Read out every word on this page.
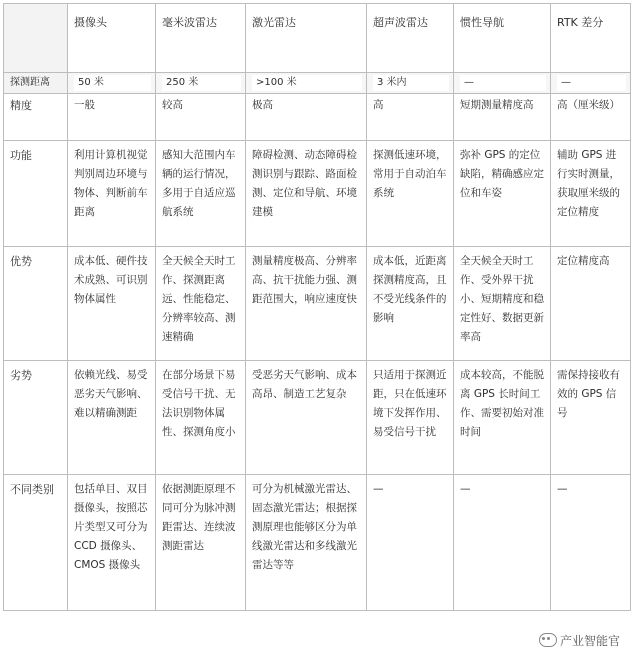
	摄像头	毫米波雷达	激光雷达	超声波雷达	惯性导航	RTK 差分
探测距离	50 米	250 米	>100 米	3 米内	—	—

精度	一般	较高	极高	高	短期测量精度高	高（厘米级）
功能	利用计算机视觉判别周边环境与物体、判断前车距离	感知大范围内车辆的运行情况，多用于自适应巡航系统	障碍检测、动态障碍检测识别与跟踪、路面检测、定位和导航、环境建模	探测低速环境，常用于自动泊车系统	弥补 GPS 的定位缺陷，精确感应定位和车姿	辅助 GPS 进行实时测量，获取厘米级的定位精度
优势	成本低、硬件技术成熟、可识别物体属性	全天候全天时工作、探测距离远、性能稳定、分辨率较高、测速精确	测量精度极高、分辨率高、抗干扰能力强、测距范围大，响应速度快	成本低，近距离探测精度高，且不受光线条件的影响	全天候全天时工作、受外界干扰小、短期精度和稳定性好、数据更新率高	定位精度高
劣势	依赖光线、易受恶劣天气影响、难以精确测距	在部分场景下易受信号干扰、无法识别物体属性、探测角度小	受恶劣天气影响、成本高昂、制造工艺复杂	只适用于探测近距，只在低速环境下发挥作用、易受信号干扰	成本较高，不能脱离 GPS 长时间工作、需要初始对准时间	需保持接收有效的 GPS 信号
不同类别	包括单目、双目摄像头，按照芯片类型又可分为 CCD 摄像头、CMOS 摄像头	依据测距原理不同可分为脉冲测距雷达、连续波测距雷达	可分为机械激光雷达、固态激光雷达；根据探测原理也能够区分为单线激光雷达和多线激光雷达等等	—	—	—
产业智能官
